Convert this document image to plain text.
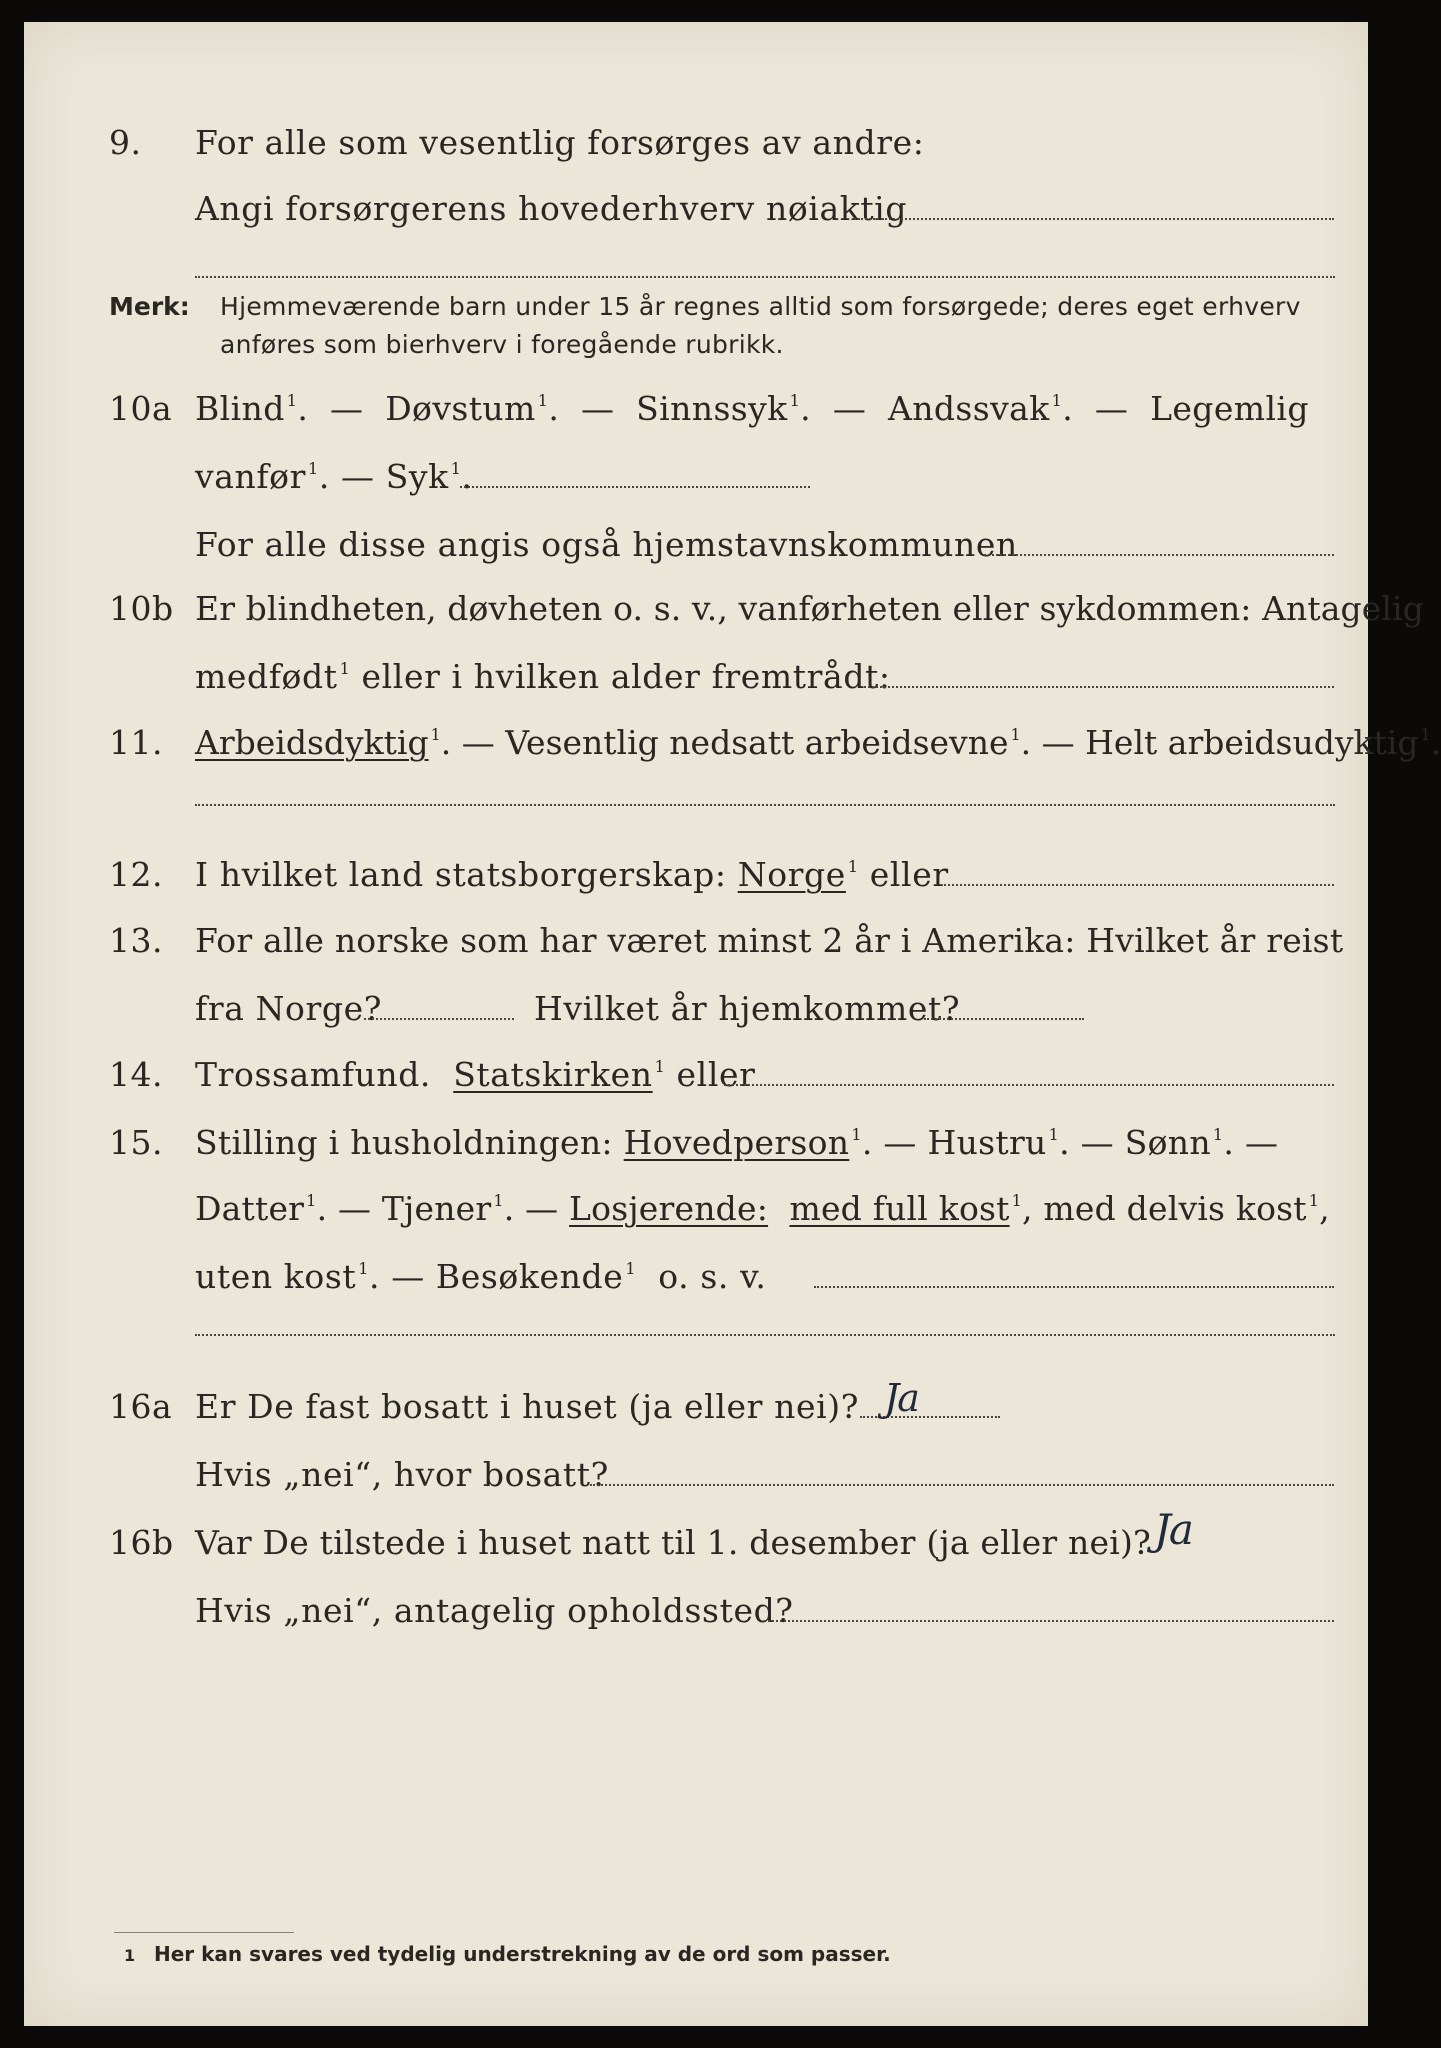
9. For alle som vesentlig forsørges av andre:
Angi forsørgerens hovederhverv nøiaktig
Merk: Hjemmeværende barn under 15 år regnes alltid som forsørgede; deres eget erhverv
anføres som bierhverv i foregående rubrikk.
10a Blind $^1$.  —  Døvstum $^1$.  —  Sinnssyk $^1$.  —  Andssvak $^1$.  —  Legemlig
vanfør $^1$. — Syk $^1$.
For alle disse angis også hjemstavnskommunen
10b Er blindheten, døvheten o. s. v., vanførheten eller sykdommen: Antagelig
medfødt $^1$ eller i hvilken alder fremtrådt:
11. Arbeidsdyktig $^1$. — Vesentlig nedsatt arbeidsevne $^1$. — Helt arbeidsudyktig $^1$.
12. I hvilket land statsborgerskap: Norge $^1$ eller
13. For alle norske som har været minst 2 år i Amerika: Hvilket år reist
fra Norge?	Hvilket år hjemkommet?
14. Trossamfund. Statskirken $^1$ eller
15. Stilling i husholdningen: Hovedperson $^1$. — Hustru $^1$. — Sønn $^1$. —
Datter $^1$. — Tjener $^1$. — Losjerende: med full kost $^1$, med delvis kost $^1$,
uten kost $^1$. — Besøkende $^1$ o. s. v.
16a Er De fast bosatt i huset (ja eller nei)? Ja
Hvis „nei“, hvor bosatt?
16b Var De tilstede i huset natt til 1. desember (ja eller nei)? Ja
Hvis „nei“, antagelig opholdssted?
1 Her kan svares ved tydelig understrekning av de ord som passer.
